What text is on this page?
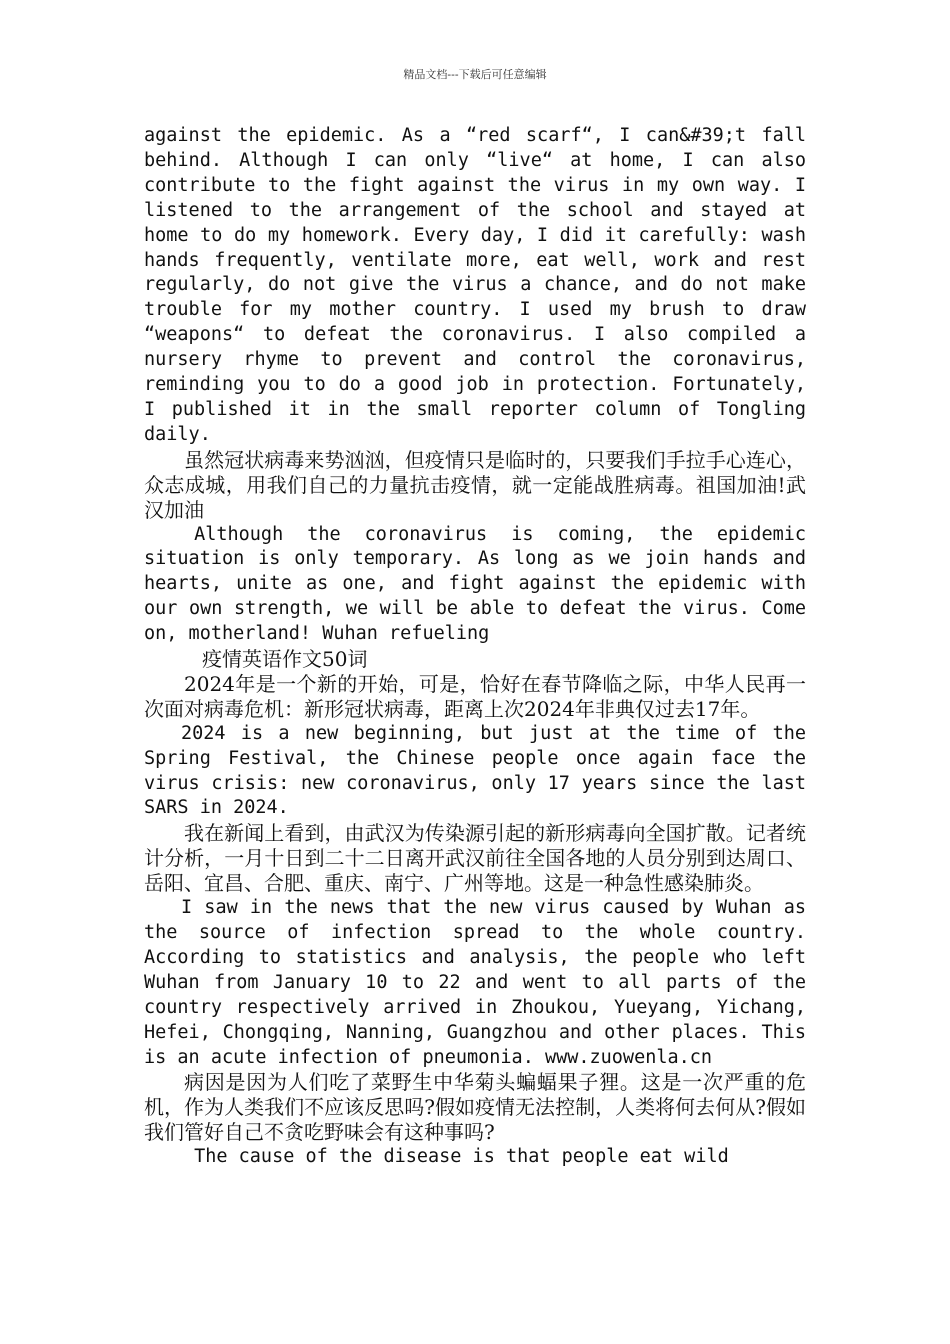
精品文档---下载后可任意编辑

against the epidemic. As a “red scarf“, I can&#39;t fall behind. Although I can only “live“ at home, I can also contribute to the fight against the virus in my own way. I listened to the arrangement of the school and stayed at home to do my homework. Every day, I did it carefully: wash hands frequently, ventilate more, eat well, work and rest regularly, do not give the virus a chance, and do not make trouble for my mother country. I used my brush to draw “weapons“ to defeat the coronavirus. I also compiled a nursery rhyme to prevent and control the coronavirus, reminding you to do a good job in protection. Fortunately, I published it in the small reporter column of Tongling daily.

虽然冠状病毒来势汹汹，但疫情只是临时的，只要我们手拉手心连心，众志成城，用我们自己的力量抗击疫情，就一定能战胜病毒。祖国加油!武汉加油

Although the coronavirus is coming, the epidemic situation is only temporary. As long as we join hands and hearts, unite as one, and fight against the epidemic with our own strength, we will be able to defeat the virus. Come on, motherland! Wuhan refueling

疫情英语作文50词

2024年是一个新的开始，可是，恰好在春节降临之际，中华人民再一次面对病毒危机：新形冠状病毒，距离上次2024年非典仅过去17年。

2024 is a new beginning, but just at the time of the Spring Festival, the Chinese people once again face the virus crisis: new coronavirus, only 17 years since the last SARS in 2024.

我在新闻上看到，由武汉为传染源引起的新形病毒向全国扩散。记者统计分析，一月十日到二十二日离开武汉前往全国各地的人员分别到达周口、岳阳、宜昌、合肥、重庆、南宁、广州等地。这是一种急性感染肺炎。

I saw in the news that the new virus caused by Wuhan as the source of infection spread to the whole country. According to statistics and analysis, the people who left Wuhan from January 10 to 22 and went to all parts of the country respectively arrived in Zhoukou, Yueyang, Yichang, Hefei, Chongqing, Nanning, Guangzhou and other places. This is an acute infection of pneumonia. www.zuowenla.cn

病因是因为人们吃了菜野生中华菊头蝙蝠果子狸。这是一次严重的危机，作为人类我们不应该反思吗?假如疫情无法控制，人类将何去何从?假如我们管好自己不贪吃野味会有这种事吗?

The cause of the disease is that people eat wild
